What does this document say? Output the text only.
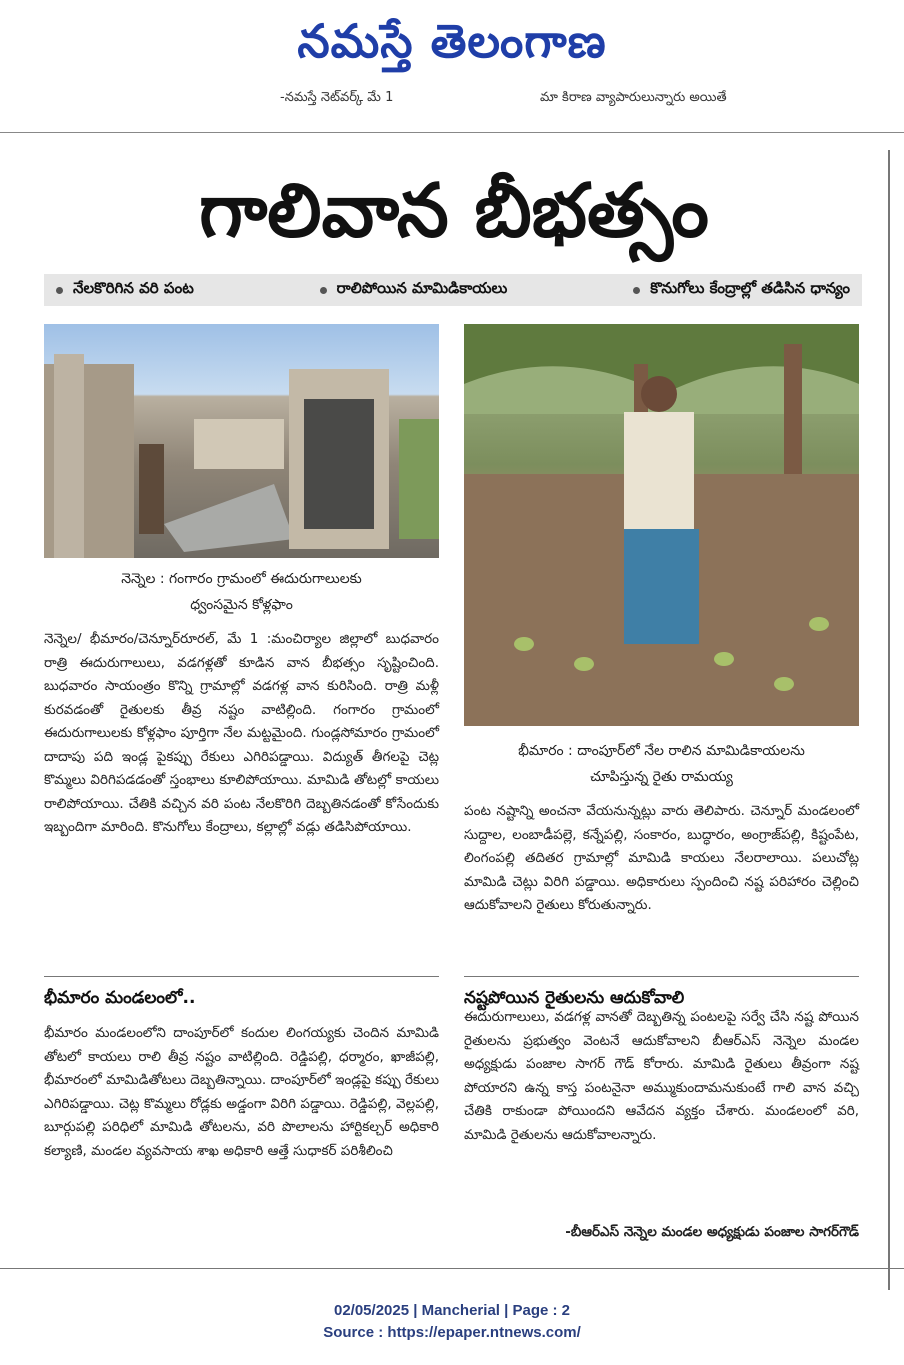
నమస్తే తెలంగాణ
-నమస్తే నెట్‌వర్క్ మే 1	మా కిరాణ వ్యాపారులున్నారు అయితే
గాలివాన బీభత్సం
నేలకొరిగిన వరి పంట	రాలిపోయిన మామిడికాయలు	కొనుగోలు కేంద్రాల్లో తడిసిన ధాన్యం
నెన్నెల : గంగారం గ్రామంలో ఈదురుగాలులకు
ధ్వంసమైన కోళ్లఫాం
భీమారం : దాంపూర్‌లో నేల రాలిన మామిడికాయలను
చూపిస్తున్న రైతు రామయ్య
నెన్నెల/ భీమారం/చెన్నూర్‌రూరల్, మే 1 :మంచిర్యాల జిల్లాలో బుధవారం రాత్రి ఈదురుగాలులు, వడగళ్లతో కూడిన వాన బీభత్సం సృష్టించింది. బుధవారం సాయంత్రం కొన్ని గ్రామాల్లో వడగళ్ల వాన కురిసింది. రాత్రి మళ్లీ కురవడంతో రైతులకు తీవ్ర నష్టం వాటిల్లింది. గంగారం గ్రామంలో ఈదురుగాలులకు కోళ్లఫాం పూర్తిగా నేల మట్టమైంది. గుండ్లసోమారం గ్రామంలో దాదాపు పది ఇండ్ల పైకప్పు రేకులు ఎగిరిపడ్డాయి. విద్యుత్ తీగలపై చెట్ల కొమ్మలు విరిగిపడడంతో స్తంభాలు కూలిపోయాయి. మామిడి తోటల్లో కాయలు రాలిపోయాయి. చేతికి వచ్చిన వరి పంట నేలకొరిగి దెబ్బతినడంతో కోసేందుకు ఇబ్బందిగా మారింది. కొనుగోలు కేంద్రాలు, కల్లాల్లో వడ్లు తడిసిపోయాయి.
పంట నష్టాన్ని అంచనా వేయనున్నట్లు వారు తెలిపారు. చెన్నూర్ మండలంలో సుద్దాల, లంబాడీపల్లె, కన్నేపల్లి, సంకారం, బుద్ధారం, అంగ్రాజ్‌పల్లి, కిష్టంపేట, లింగంపల్లి తదితర గ్రామాల్లో మామిడి కాయలు నేలరాలాయి. పలుచోట్ల మామిడి చెట్లు విరిగి పడ్డాయి. అధికారులు స్పందించి నష్ట పరిహారం చెల్లించి ఆదుకోవాలని రైతులు కోరుతున్నారు.
భీమారం మండలంలో..	నష్టపోయిన రైతులను ఆదుకోవాలి
భీమారం మండలంలోని దాంపూర్‌లో కందుల లింగయ్యకు చెందిన మామిడి తోటలో కాయలు రాలి తీవ్ర నష్టం వాటిల్లింది. రెడ్డిపల్లి, ధర్మారం, ఖాజీపల్లి, భీమారంలో మామిడితోటలు దెబ్బతిన్నాయి. దాంపూర్‌లో ఇండ్లపై కప్పు రేకులు ఎగిరిపడ్డాయి. చెట్ల కొమ్మలు రోడ్లకు అడ్డంగా విరిగి పడ్డాయి. రెడ్డిపల్లి, వెల్లపల్లి, బూర్గుపల్లి పరిధిలో మామిడి తోటలను, వరి పొలాలను హార్టికల్చర్ అధికారి కల్యాణి, మండల వ్యవసాయ శాఖ అధికారి ఆత్తే సుధాకర్ పరిశీలించి
ఈదురుగాలులు, వడగళ్ల వానతో దెబ్బతిన్న పంటలపై సర్వే చేసి నష్ట పోయిన రైతులను ప్రభుత్వం వెంటనే ఆదుకోవాలని బీఆర్ఎస్ నెన్నెల మండల అధ్యక్షుడు పంజాల సాగర్ గౌడ్ కోరారు. మామిడి రైతులు తీవ్రంగా నష్ట పోయారని ఉన్న కాస్త పంటనైనా అమ్ముకుందామనుకుంటే గాలి వాన వచ్చి చేతికి రాకుండా పోయిందని ఆవేదన వ్యక్తం చేశారు. మండలంలో వరి, మామిడి రైతులను ఆదుకోవాలన్నారు.
-బీఆర్ఎస్ నెన్నెల మండల అధ్యక్షుడు పంజాల సాగర్‌గౌడ్
02/05/2025 | Mancherial | Page : 2
Source : https://epaper.ntnews.com/
